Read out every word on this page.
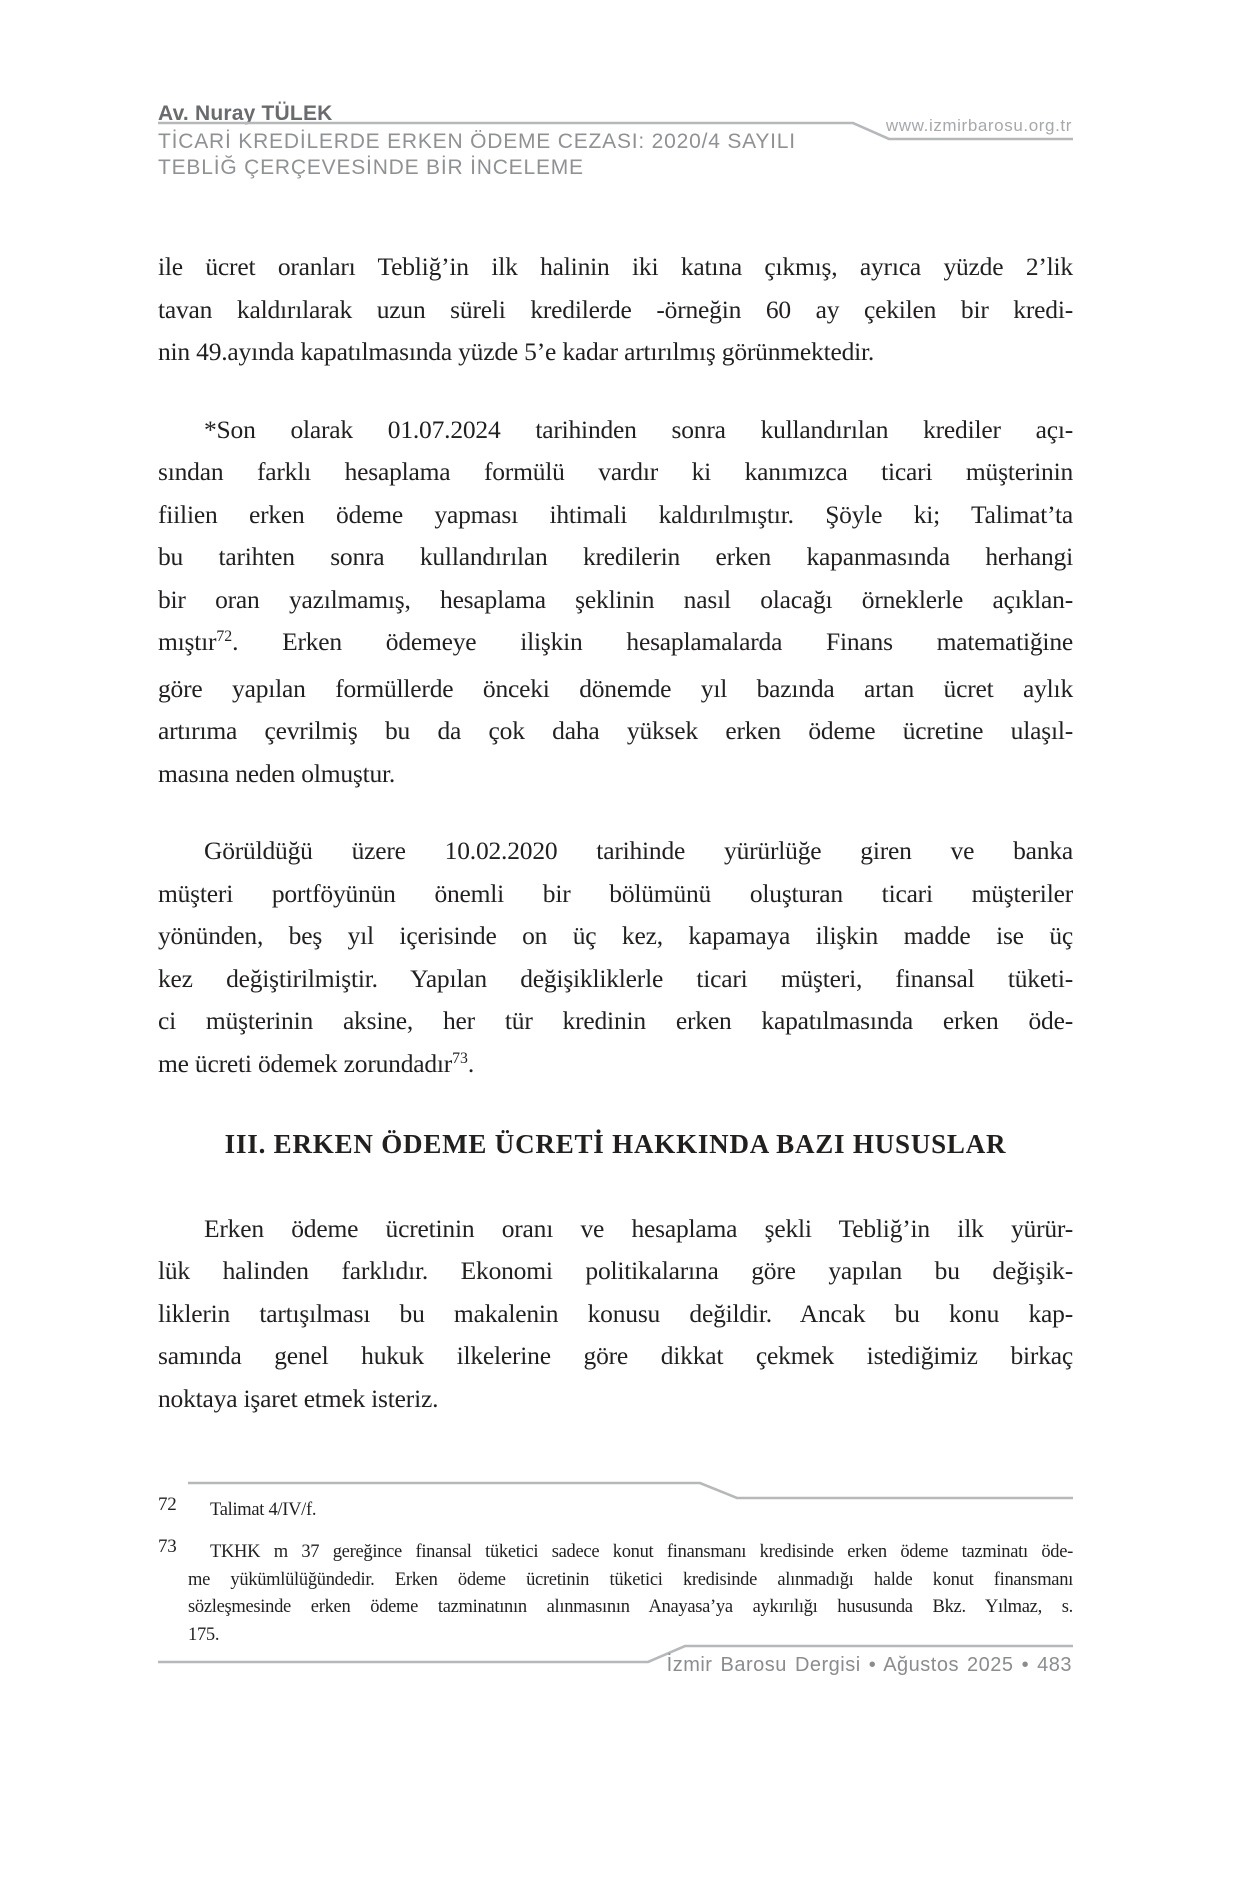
Av. Nuray TÜLEK
www.izmirbarosu.org.tr
TİCARİ KREDİLERDE ERKEN ÖDEME CEZASI: 2020/4 SAYILI
TEBLİĞ ÇERÇEVESİNDE BİR İNCELEME
ile ücret oranları Tebliğ’in ilk halinin iki katına çıkmış, ayrıca yüzde 2’lik
tavan kaldırılarak uzun süreli kredilerde -örneğin 60 ay çekilen bir kredi-
nin 49.ayında kapatılmasında yüzde 5’e kadar artırılmış görünmektedir.
*Son olarak 01.07.2024 tarihinden sonra kullandırılan krediler açı-
sından farklı hesaplama formülü vardır ki kanımızca ticari müşterinin
fiilien erken ödeme yapması ihtimali kaldırılmıştır. Şöyle ki; Talimat’ta
bu tarihten sonra kullandırılan kredilerin erken kapanmasında herhangi
bir oran yazılmamış, hesaplama şeklinin nasıl olacağı örneklerle açıklan-
mıştır$^{72}$. Erken ödemeye ilişkin hesaplamalarda Finans matematiğine
göre yapılan formüllerde önceki dönemde yıl bazında artan ücret aylık
artırıma çevrilmiş bu da çok daha yüksek erken ödeme ücretine ulaşıl-
masına neden olmuştur.
Görüldüğü üzere 10.02.2020 tarihinde yürürlüğe giren ve banka
müşteri portföyünün önemli bir bölümünü oluşturan ticari müşteriler
yönünden, beş yıl içerisinde on üç kez, kapamaya ilişkin madde ise üç
kez değiştirilmiştir. Yapılan değişikliklerle ticari müşteri, finansal tüketi-
ci müşterinin aksine, her tür kredinin erken kapatılmasında erken öde-
me ücreti ödemek zorundadır$^{73}$.
III. ERKEN ÖDEME ÜCRETİ HAKKINDA BAZI HUSUSLAR
Erken ödeme ücretinin oranı ve hesaplama şekli Tebliğ’in ilk yürür-
lük halinden farklıdır. Ekonomi politikalarına göre yapılan bu değişik-
liklerin tartışılması bu makalenin konusu değildir. Ancak bu konu kap-
samında genel hukuk ilkelerine göre dikkat çekmek istediğimiz birkaç
noktaya işaret etmek isteriz.
72	Talimat 4/IV/f.
73	TKHK m 37 gereğince finansal tüketici sadece konut finansmanı kredisinde erken ödeme tazminatı öde-
me yükümlülüğündedir. Erken ödeme ücretinin tüketici kredisinde alınmadığı halde konut finansmanı
sözleşmesinde erken ödeme tazminatının alınmasının Anayasa’ya aykırılığı hususunda Bkz. Yılmaz, s.
175.
İzmir Barosu Dergisi • Ağustos 2025 • 483
